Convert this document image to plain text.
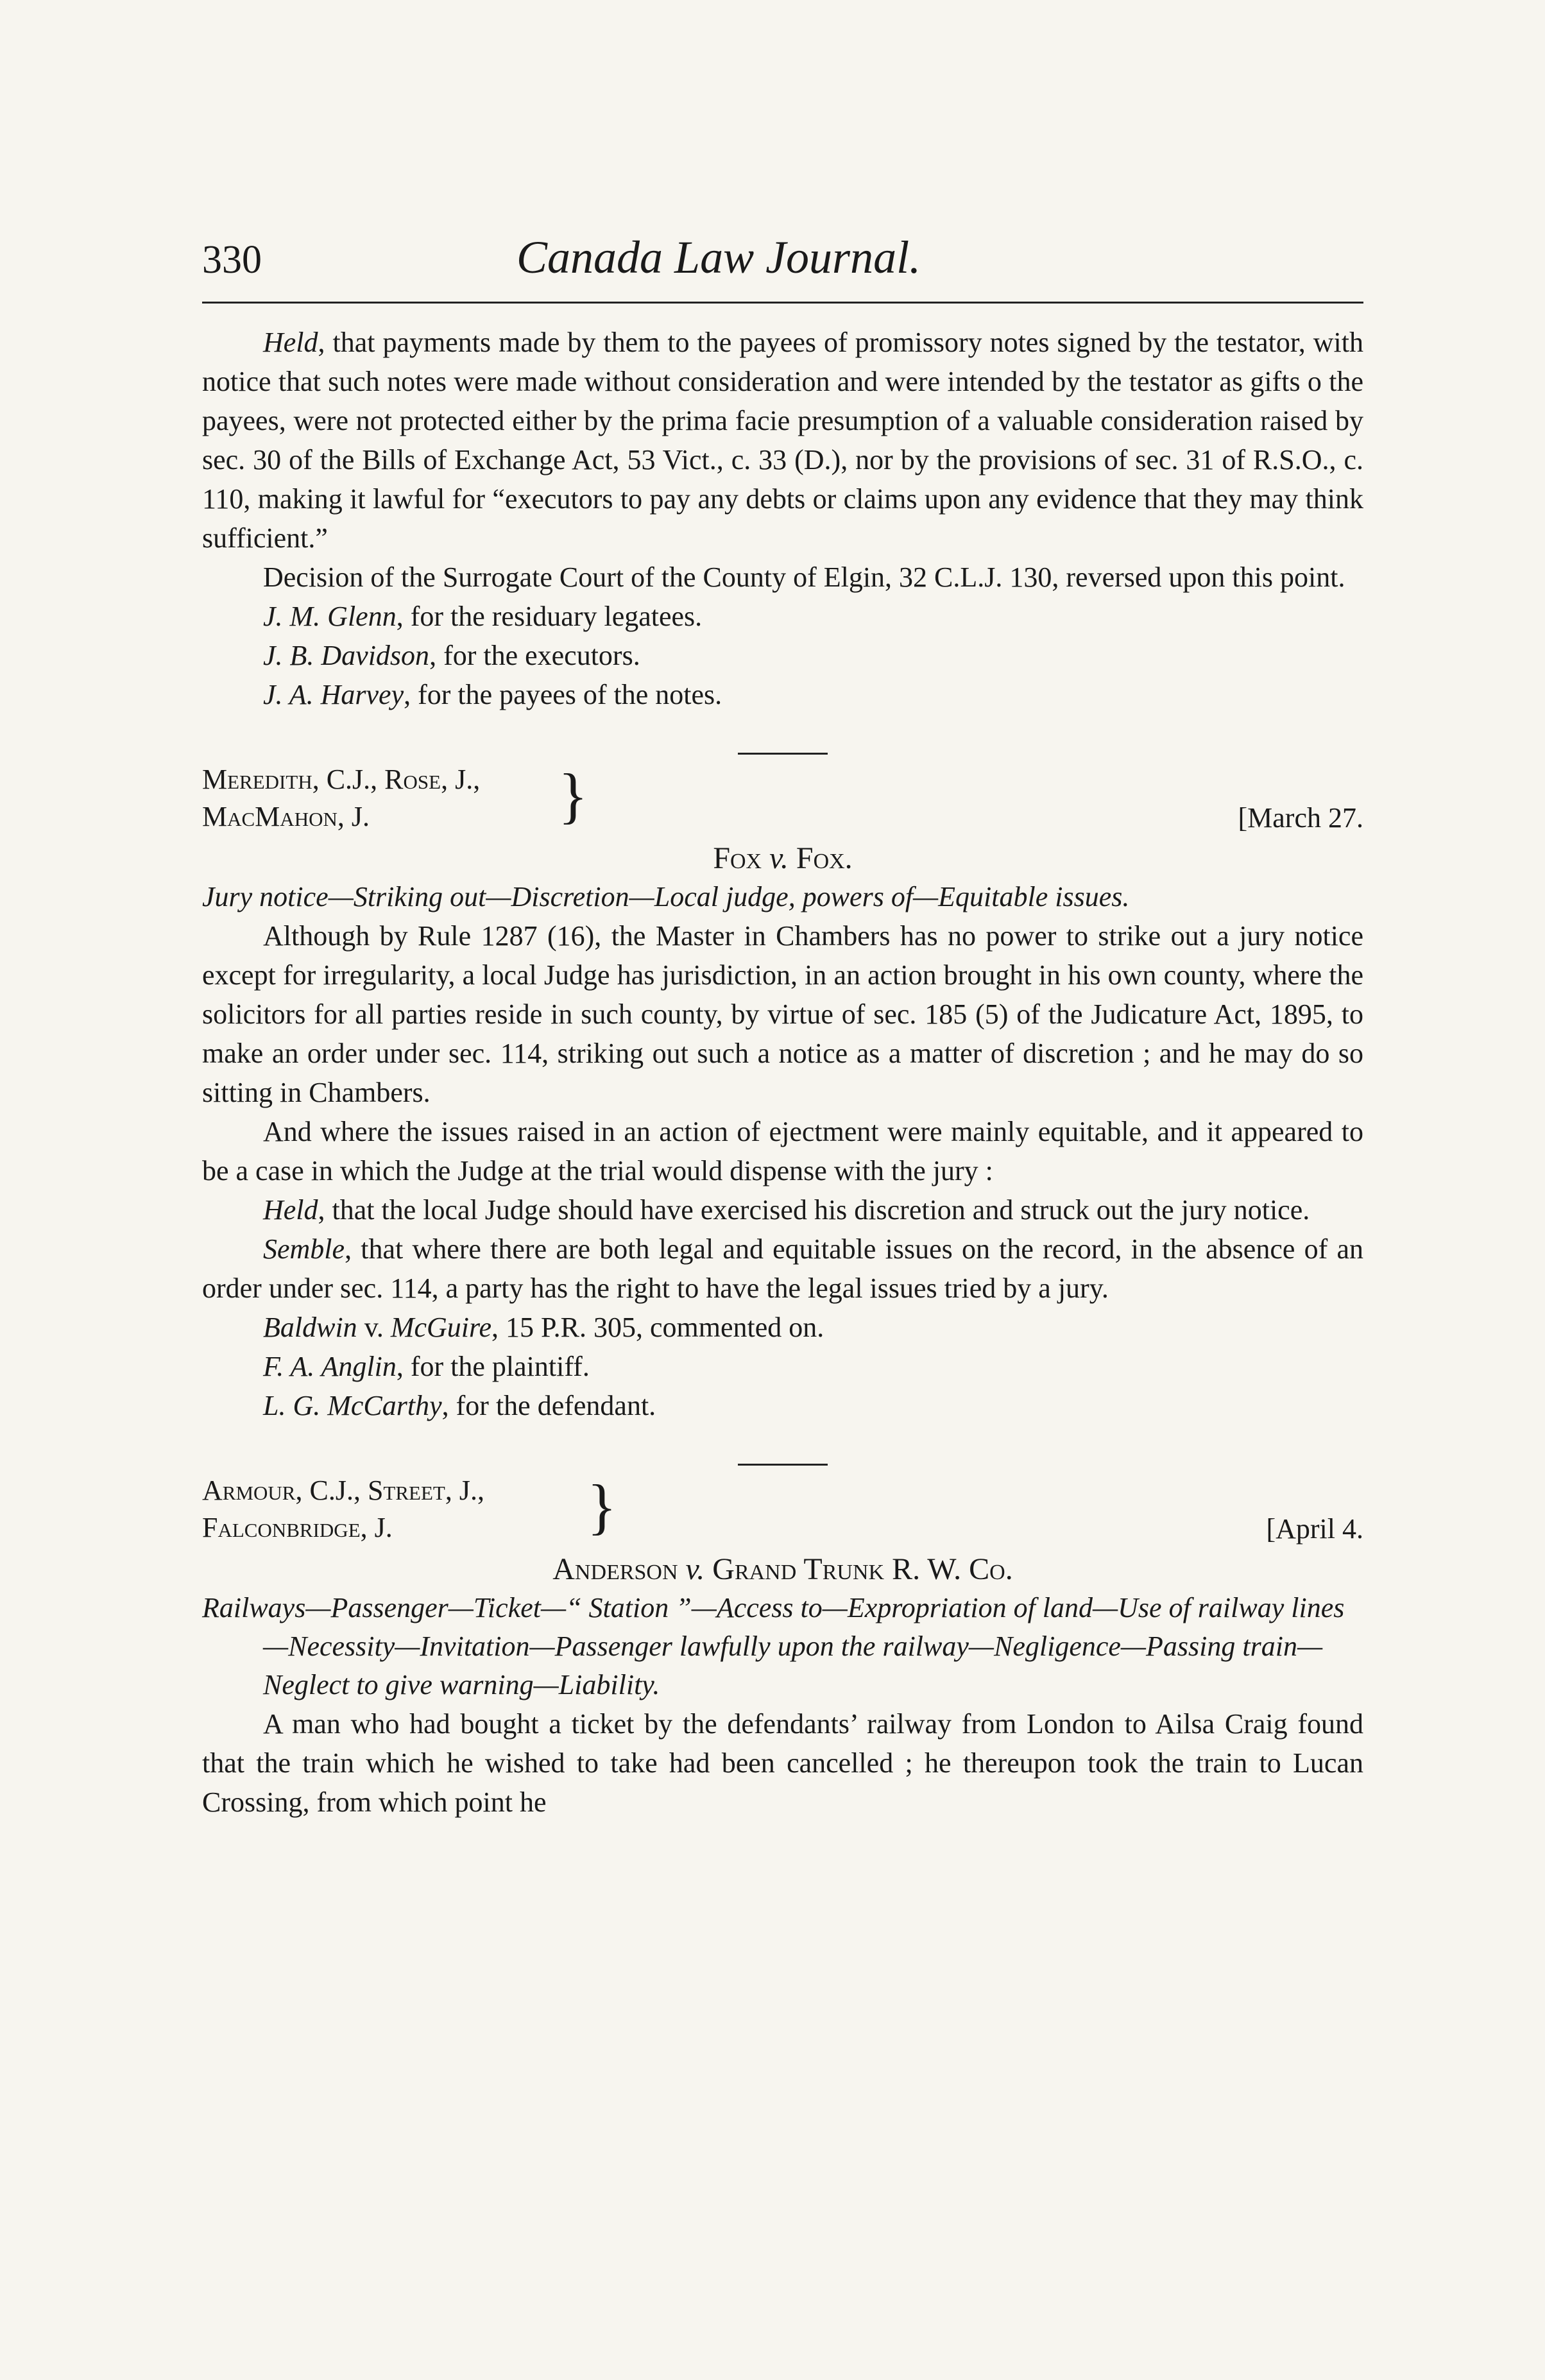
330	Canada Law Journal.

Held, that payments made by them to the payees of promissory notes signed by the testator, with notice that such notes were made without consideration and were intended by the testator as gifts o the payees, were not protected either by the prima facie presumption of a valuable consideration raised by sec. 30 of the Bills of Exchange Act, 53 Vict., c. 33 (D.), nor by the provisions of sec. 31 of R.S.O., c. 110, making it lawful for “executors to pay any debts or claims upon any evidence that they may think sufficient.”

Decision of the Surrogate Court of the County of Elgin, 32 C.L.J. 130, reversed upon this point.

J. M. Glenn, for the residuary legatees.

J. B. Davidson, for the executors.

J. A. Harvey, for the payees of the notes.

Meredith, C.J., Rose, J.,
MacMahon, J.	}	[March 27.

Fox v. Fox.

Jury notice—Striking out—Discretion—Local judge, powers of—Equitable issues.

Although by Rule 1287 (16), the Master in Chambers has no power to strike out a jury notice except for irregularity, a local Judge has jurisdiction, in an action brought in his own county, where the solicitors for all parties reside in such county, by virtue of sec. 185 (5) of the Judicature Act, 1895, to make an order under sec. 114, striking out such a notice as a matter of discretion ; and he may do so sitting in Chambers.

And where the issues raised in an action of ejectment were mainly equitable, and it appeared to be a case in which the Judge at the trial would dispense with the jury :

Held, that the local Judge should have exercised his discretion and struck out the jury notice.

Semble, that where there are both legal and equitable issues on the record, in the absence of an order under sec. 114, a party has the right to have the legal issues tried by a jury.

Baldwin v. McGuire, 15 P.R. 305, commented on.

F. A. Anglin, for the plaintiff.

L. G. McCarthy, for the defendant.

Armour, C.J., Street, J.,
Falconbridge, J.	}	[April 4.

Anderson v. Grand Trunk R. W. Co.

Railways—Passenger—Ticket—“ Station ”—Access to—Expropriation of land—Use of railway lines—Necessity—Invitation—Passenger lawfully upon the railway—Negligence—Passing train—Neglect to give warning—Liability.

A man who had bought a ticket by the defendants’ railway from London to Ailsa Craig found that the train which he wished to take had been cancelled ; he thereupon took the train to Lucan Crossing, from which point he
